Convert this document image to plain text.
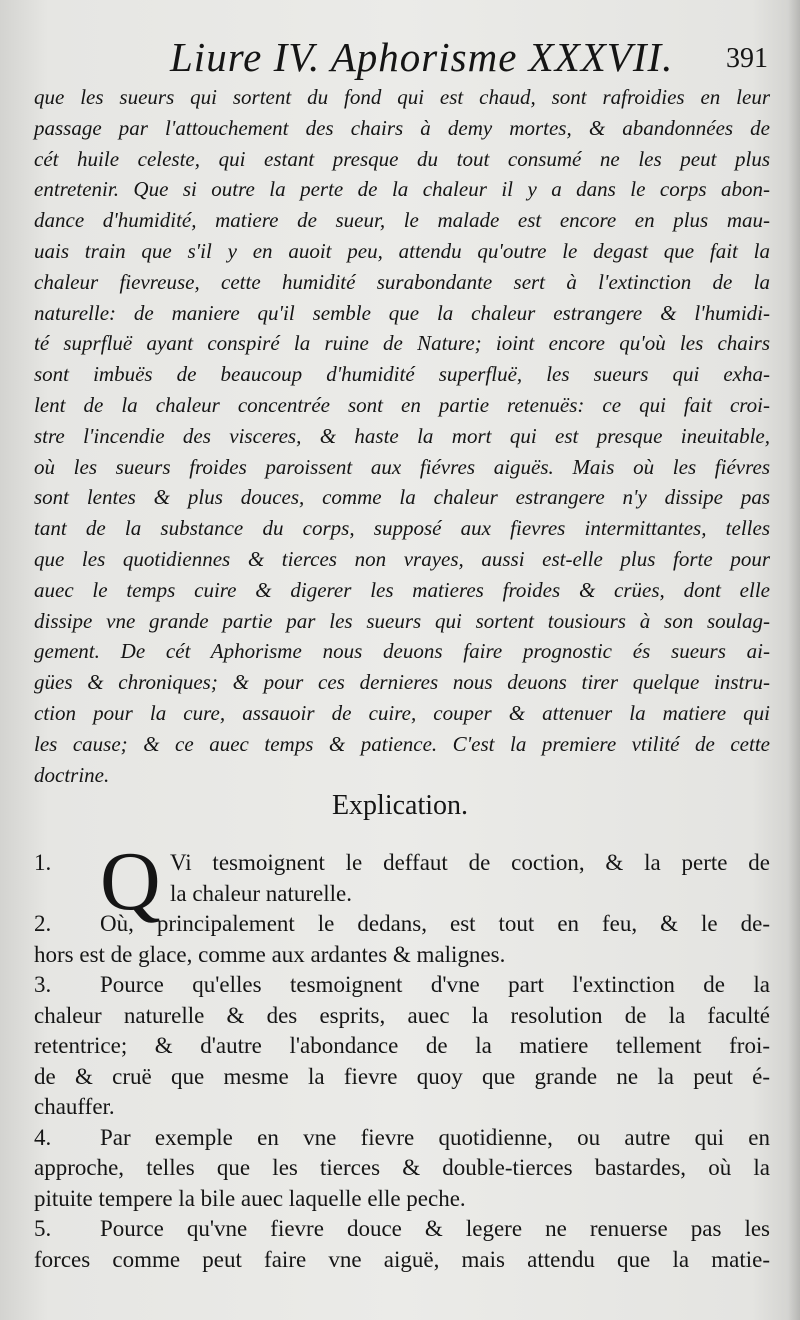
Liure IV. Aphorisme XXXVII. 391
que les sueurs qui sortent du fond qui est chaud, sont rafroidies en leur
passage par l'attouchement des chairs à demy mortes, & abandonnées de
cét huile celeste, qui estant presque du tout consumé ne les peut plus
entretenir. Que si outre la perte de la chaleur il y a dans le corps abon-
dance d'humidité, matiere de sueur, le malade est encore en plus mau-
uais train que s'il y en auoit peu, attendu qu'outre le degast que fait la
chaleur fievreuse, cette humidité surabondante sert à l'extinction de la
naturelle: de maniere qu'il semble que la chaleur estrangere & l'humidi-
té suprfluë ayant conspiré la ruine de Nature; ioint encore qu'où les chairs
sont imbuës de beaucoup d'humidité superfluë, les sueurs qui exha-
lent de la chaleur concentrée sont en partie retenuës: ce qui fait croi-
stre l'incendie des visceres, & haste la mort qui est presque ineuitable,
où les sueurs froides paroissent aux fiévres aiguës. Mais où les fiévres
sont lentes & plus douces, comme la chaleur estrangere n'y dissipe pas
tant de la substance du corps, supposé aux fievres intermittantes, telles
que les quotidiennes & tierces non vrayes, aussi est-elle plus forte pour
auec le temps cuire & digerer les matieres froides & crües, dont elle
dissipe vne grande partie par les sueurs qui sortent tousiours à son soulag-
gement. De cét Aphorisme nous deuons faire prognostic és sueurs ai-
gües & chroniques; & pour ces dernieres nous deuons tirer quelque instru-
ction pour la cure, assauoir de cuire, couper & attenuer la matiere qui
les cause; & ce auec temps & patience. C'est la premiere vtilité de cette
doctrine.
Explication.
1. Q Vi tesmoignent le deffaut de coction, & la perte de
la chaleur naturelle.
2. Où, principalement le dedans, est tout en feu, & le de-
hors est de glace, comme aux ardantes & malignes.
3. Pource qu'elles tesmoignent d'vne part l'extinction de la
chaleur naturelle & des esprits, auec la resolution de la faculté
retentrice; & d'autre l'abondance de la matiere tellement froi-
de & cruë que mesme la fievre quoy que grande ne la peut é-
chauffer.
4. Par exemple en vne fievre quotidienne, ou autre qui en
approche, telles que les tierces & double-tierces bastardes, où la
pituite tempere la bile auec laquelle elle peche.
5. Pource qu'vne fievre douce & legere ne renuerse pas les
forces comme peut faire vne aiguë, mais attendu que la matie-
